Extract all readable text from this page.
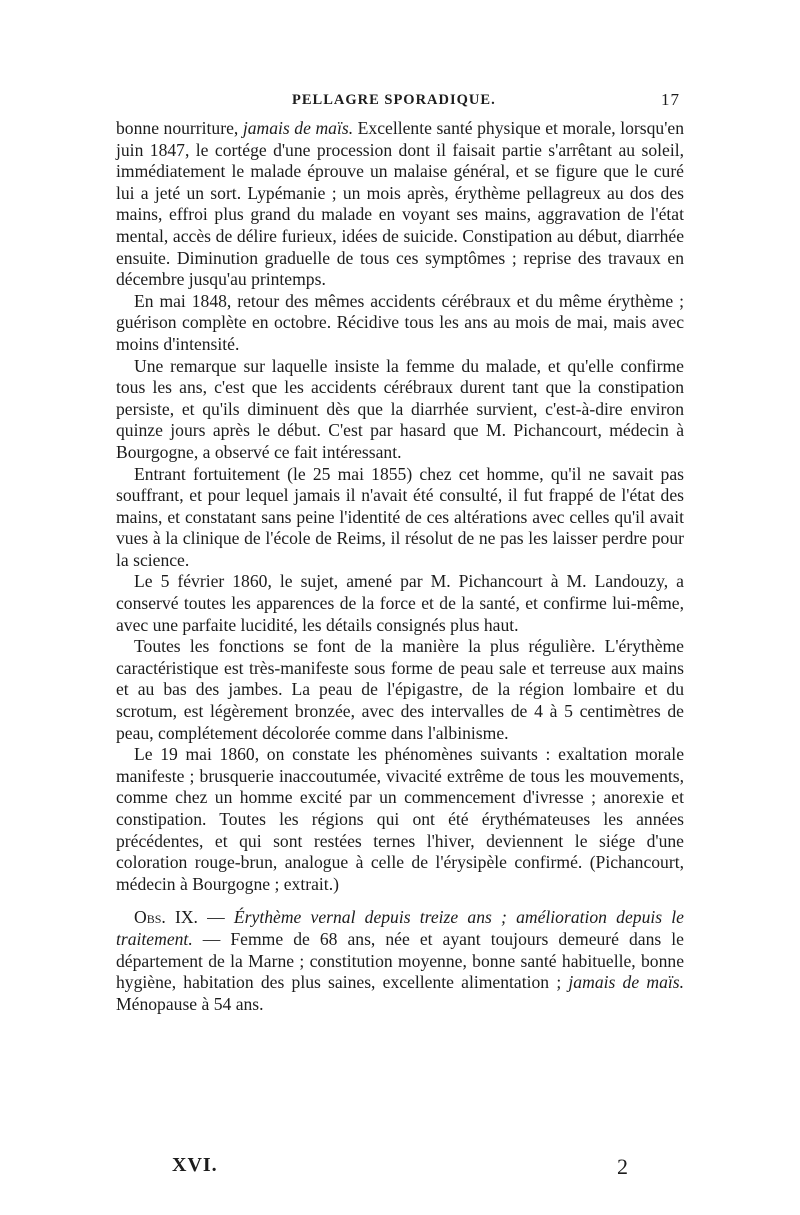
PELLAGRE SPORADIQUE.	17

bonne nourriture, jamais de maïs. Excellente santé physique et morale, lorsqu'en juin 1847, le cortége d'une procession dont il faisait partie s'arrêtant au soleil, immédiatement le malade éprouve un malaise général, et se figure que le curé lui a jeté un sort. Lypémanie ; un mois après, érythème pellagreux au dos des mains, effroi plus grand du malade en voyant ses mains, aggravation de l'état mental, accès de délire furieux, idées de suicide. Constipation au début, diarrhée ensuite. Diminution graduelle de tous ces symptômes ; reprise des travaux en décembre jusqu'au printemps.

En mai 1848, retour des mêmes accidents cérébraux et du même érythème ; guérison complète en octobre. Récidive tous les ans au mois de mai, mais avec moins d'intensité.

Une remarque sur laquelle insiste la femme du malade, et qu'elle confirme tous les ans, c'est que les accidents cérébraux durent tant que la constipation persiste, et qu'ils diminuent dès que la diarrhée survient, c'est-à-dire environ quinze jours après le début. C'est par hasard que M. Pichancourt, médecin à Bourgogne, a observé ce fait intéressant.

Entrant fortuitement (le 25 mai 1855) chez cet homme, qu'il ne savait pas souffrant, et pour lequel jamais il n'avait été consulté, il fut frappé de l'état des mains, et constatant sans peine l'identité de ces altérations avec celles qu'il avait vues à la clinique de l'école de Reims, il résolut de ne pas les laisser perdre pour la science.

Le 5 février 1860, le sujet, amené par M. Pichancourt à M. Landouzy, a conservé toutes les apparences de la force et de la santé, et confirme lui-même, avec une parfaite lucidité, les détails consignés plus haut.

Toutes les fonctions se font de la manière la plus régulière. L'érythème caractéristique est très-manifeste sous forme de peau sale et terreuse aux mains et au bas des jambes. La peau de l'épigastre, de la région lombaire et du scrotum, est légèrement bronzée, avec des intervalles de 4 à 5 centimètres de peau, complétement décolorée comme dans l'albinisme.

Le 19 mai 1860, on constate les phénomènes suivants : exaltation morale manifeste ; brusquerie inaccoutumée, vivacité extrême de tous les mouvements, comme chez un homme excité par un commencement d'ivresse ; anorexie et constipation. Toutes les régions qui ont été érythémateuses les années précédentes, et qui sont restées ternes l'hiver, deviennent le siége d'une coloration rouge-brun, analogue à celle de l'érysipèle confirmé. (Pichancourt, médecin à Bourgogne ; extrait.)

Obs. IX. — Érythème vernal depuis treize ans ; amélioration depuis le traitement. — Femme de 68 ans, née et ayant toujours demeuré dans le département de la Marne ; constitution moyenne, bonne santé habituelle, bonne hygiène, habitation des plus saines, excellente alimentation ; jamais de maïs. Ménopause à 54 ans.

XVI.	2
